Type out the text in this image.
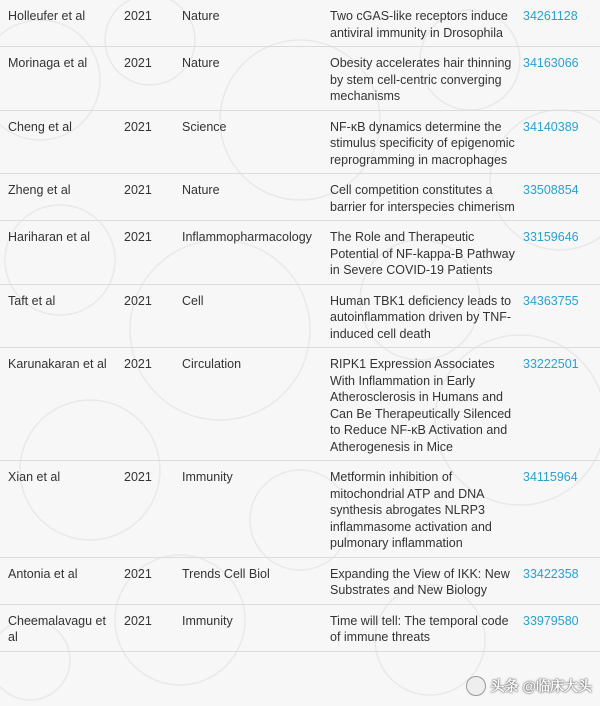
Holleufer et al	2021	Nature	Two cGAS-like receptors induce antiviral immunity in Drosophila	34261128
Morinaga et al	2021	Nature	Obesity accelerates hair thinning by stem cell-centric converging mechanisms	34163066
Cheng et al	2021	Science	NF-κB dynamics determine the stimulus specificity of epigenomic reprogramming in macrophages	34140389
Zheng et al	2021	Nature	Cell competition constitutes a barrier for interspecies chimerism	33508854
Hariharan et al	2021	Inflammopharmacology	The Role and Therapeutic Potential of NF-kappa-B Pathway in Severe COVID-19 Patients	33159646
Taft et al	2021	Cell	Human TBK1 deficiency leads to autoinflammation driven by TNF-induced cell death	34363755
Karunakaran et al	2021	Circulation	RIPK1 Expression Associates With Inflammation in Early Atherosclerosis in Humans and Can Be Therapeutically Silenced to Reduce NF-κB Activation and Atherogenesis in Mice	33222501
Xian et al	2021	Immunity	Metformin inhibition of mitochondrial ATP and DNA synthesis abrogates NLRP3 inflammasome activation and pulmonary inflammation	34115964
Antonia et al	2021	Trends Cell Biol	Expanding the View of IKK: New Substrates and New Biology	33422358
Cheemalavagu et al	2021	Immunity	Time will tell: The temporal code of immune threats	33979580
头条 @临床大头
